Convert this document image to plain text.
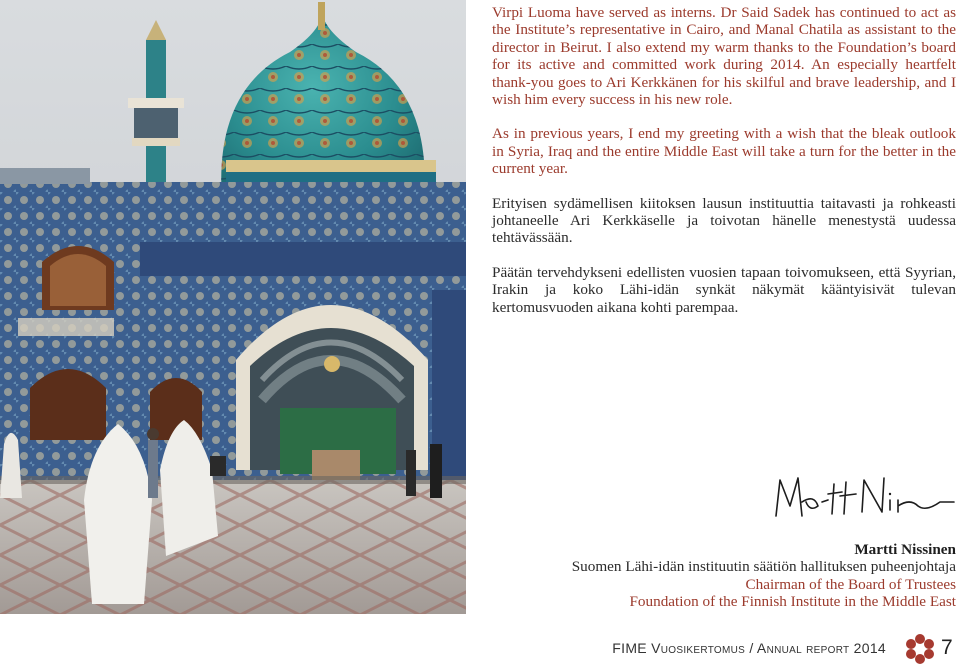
Virpi Luoma have served as interns. Dr Said Sadek has continued to act as the Institute’s representative in Cairo, and Manal Chatila as assistant to the director in Beirut. I also extend my warm thanks to the Foundation’s board for its active and committed work during 2014. An especially heartfelt thank-you goes to Ari Kerkkänen for his skilful and brave leadership, and I wish him every success in his new role.

As in previous years, I end my greeting with a wish that the bleak outlook in Syria, Iraq and the entire Middle East will take a turn for the better in the current year.

Erityisen sydämellisen kiitoksen lausun instituuttia taitavasti ja rohkeasti johtaneelle Ari Kerkkäselle ja toivotan hänelle menestystä uudessa tehtävässään.

Päätän tervehdykseni edellisten vuosien tapaan toivomukseen, että Syyrian, Irakin ja koko Lähi-idän synkät näkymät kääntyisivät tulevan kertomusvuoden aikana kohti parempaa.

Martti Nissinen
Suomen Lähi-idän instituutin säätiön hallituksen puheenjohtaja
Chairman of the Board of Trustees
Foundation of the Finnish Institute in the Middle East
FIME Vuosikertomus / Annual report 2014	7
